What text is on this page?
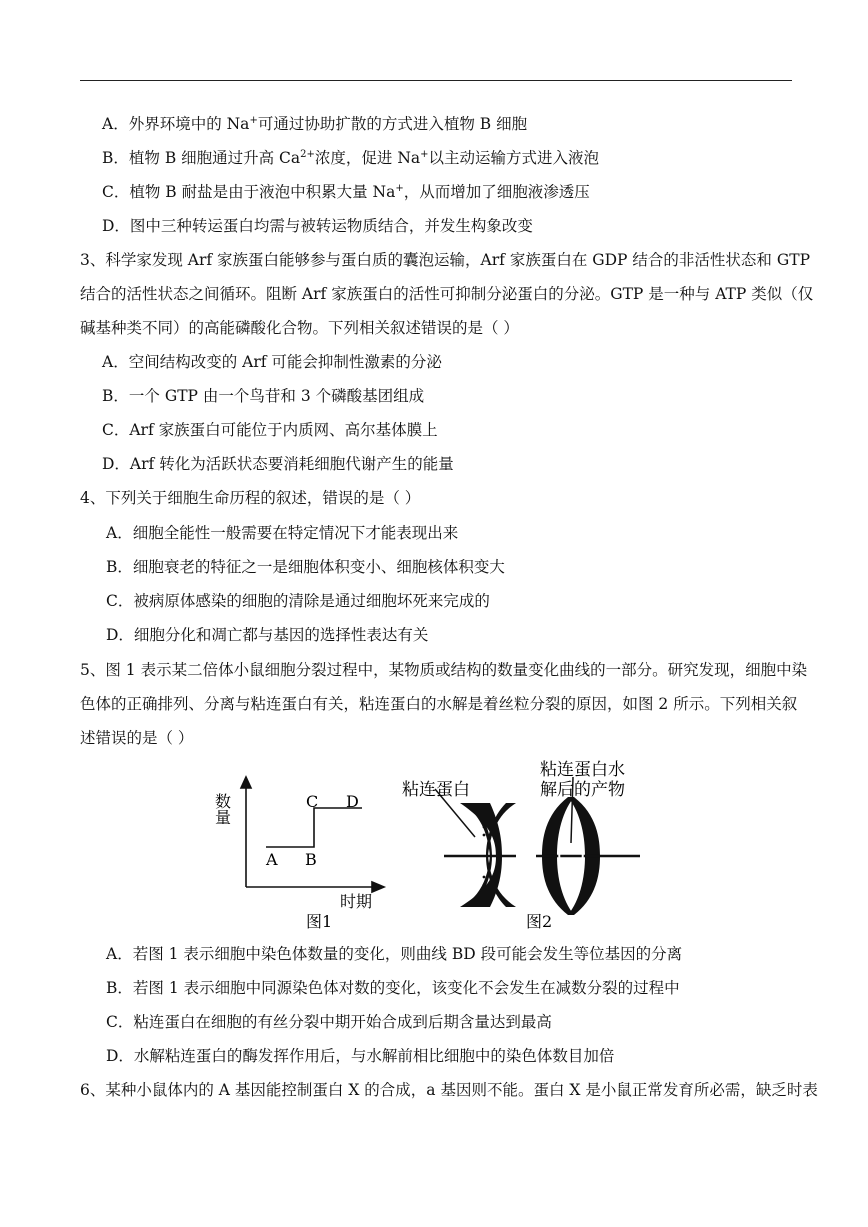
A．外界环境中的 Na+可通过协助扩散的方式进入植物 B 细胞
B．植物 B 细胞通过升高 $Ca^{2+}$浓度，促进 Na+以主动运输方式进入液泡
C．植物 B 耐盐是由于液泡中积累大量 Na+，从而增加了细胞液渗透压
D．图中三种转运蛋白均需与被转运物质结合，并发生构象改变
3、科学家发现 Arf 家族蛋白能够参与蛋白质的囊泡运输，Arf 家族蛋白在 GDP 结合的非活性状态和 GTP
结合的活性状态之间循环。阻断 Arf 家族蛋白的活性可抑制分泌蛋白的分泌。GTP 是一种与 ATP 类似（仅
碱基种类不同）的高能磷酸化合物。下列相关叙述错误的是（ ）
A．空间结构改变的 Arf 可能会抑制性激素的分泌
B．一个 GTP 由一个鸟苷和 3 个磷酸基团组成
C．Arf 家族蛋白可能位于内质网、高尔基体膜上
D．Arf 转化为活跃状态要消耗细胞代谢产生的能量
4、下列关于细胞生命历程的叙述，错误的是（ ）
A．细胞全能性一般需要在特定情况下才能表现出来
B．细胞衰老的特征之一是细胞体积变小、细胞核体积变大
C．被病原体感染的细胞的清除是通过细胞坏死来完成的
D．细胞分化和凋亡都与基因的选择性表达有关
5、图 1 表示某二倍体小鼠细胞分裂过程中，某物质或结构的数量变化曲线的一部分。研究发现，细胞中染
色体的正确排列、分离与粘连蛋白有关，粘连蛋白的水解是着丝粒分裂的原因，如图 2 所示。下列相关叙
述错误的是（ ）
数量
时期
A B
C D
图1
粘连蛋白
粘连蛋白水
解后的产物
图2
A．若图 1 表示细胞中染色体数量的变化，则曲线 BD 段可能会发生等位基因的分离
B．若图 1 表示细胞中同源染色体对数的变化，该变化不会发生在减数分裂的过程中
C．粘连蛋白在细胞的有丝分裂中期开始合成到后期含量达到最高
D．水解粘连蛋白的酶发挥作用后，与水解前相比细胞中的染色体数目加倍
6、某种小鼠体内的 A 基因能控制蛋白 X 的合成，a 基因则不能。蛋白 X 是小鼠正常发育所必需，缺乏时表
